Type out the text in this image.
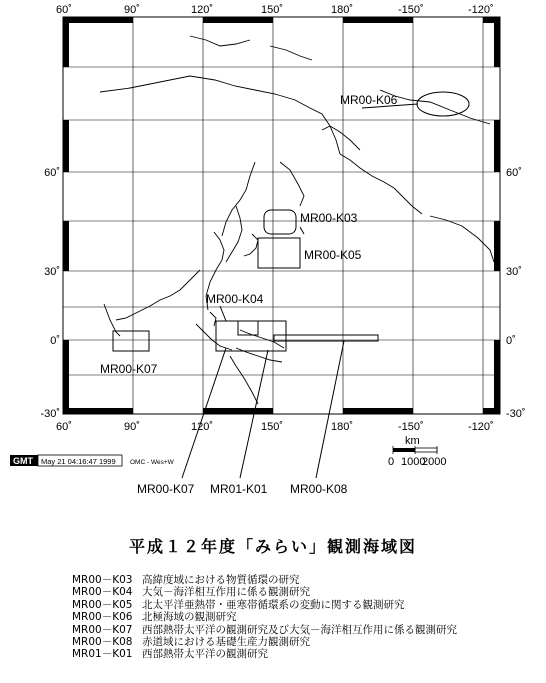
60˚	90˚	120˚	150˚	180˚	-150˚	-120˚
60˚	90˚	120˚	150˚	180˚	-150˚	-120˚
60˚
30˚
0˚
-30˚
60˚
30˚
0˚
-30˚
MR00-K06
MR00-K03
MR00-K05
MR00-K04
MR00-K07
MR00-K07 MR01-K01 MR00-K08
km
0 1000
2000
GMT May 21 04:16:47 1999 OMC - Wes+W
平成１２年度「みらい」観測海域図
MR00－K03 高緯度域における物質循環の研究
MR00－K04 大気－海洋相互作用に係る観測研究
MR00－K05 北太平洋亜熱帯・亜寒帯循環系の変動に関する観測研究
MR00－K06 北極海域の観測研究
MR00－K07 西部熱帯太平洋の観測研究及び大気－海洋相互作用に係る観測研究
MR00－K08 赤道域における基礎生産力観測研究
MR01－K01 西部熱帯太平洋の観測研究
